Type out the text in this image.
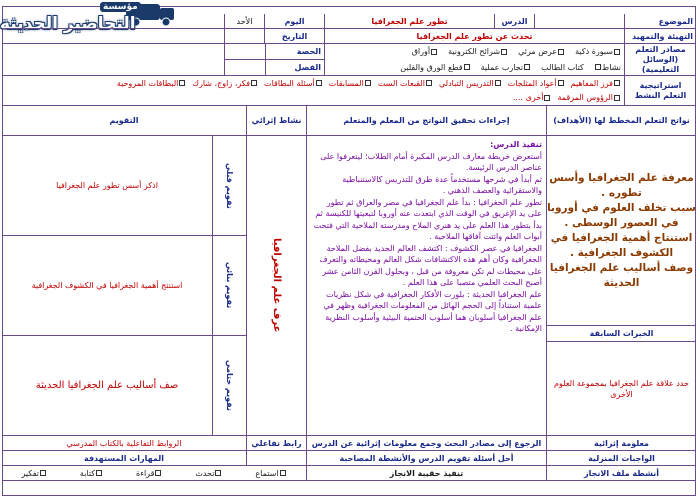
مؤسسة
التحاضير الحديثة	الموضوع
الدرس
تطور علم الجغرافيا
اليوم
الأحد
التهيئة والتمهيد
تحدث عن تطور علم الجغرافيا
التاريخ
مصادر التعلم (الوسائل التعليمية)
سبورة ذكية
عرض مرئي
شرائح الكترونية
أوراق
نشاط
كتاب الطالب
تجارب عملية
قطع الورق والقلين
الحصة
الفصل
استراتيجية التعلم النشط
فرز المفاهيم
أعواد المثلجات
التدريس التبادلي
القبعات الست
المسابقات
أسئلة البطاقات
فكر، زاوج، شارك
البطاقات المروحية
الرؤوس المرقمة
أخرى ....
نواتج التعلم المخطط لها (الأهداف)
إجراءات تحقيق النواتج من المعلم والمتعلم
نشاط إثرائي
التقويم
معرفة علم الجغرافيا وأسس
تطوره .
سبب تخلف العلوم في أوروبا
في العصور الوسطى .
استنتاج أهمية الجغرافيا في
الكشوف الجغرافية .
وصف أساليب علم الجغرافيا
الحديثة
الخبرات السابقة
حدد علاقة علم الجغرافيا بمجموعة العلوم الأخرى
تنفيذ الدرس:
أستعرض خريطة معارف الدرس المكبرة أمام الطلاب؛ ليتعرفوا على عناصر الدرس الرئيسة.
ثم أبدأ في شرحها مستخدماً عدة طرق للتدريس كالاستنباطية والاستقرائية والعصف الذهني .
تطور علم الجغرافيا : بدأ علم الجغرافيا في مصر والعراق ثم تطور على يد الإغريق في الوقت الذي ابتعدت عنه أوروبا لتبعيتها للكنيسة ثم بدأ بتطور هذا العلم على يد هنري الملاح ومدرسته الملاحية التي فتحت أبواب العلم واتتت آفاقها الملاحية .
الجغرافيا في عصر الكشوف : اكتشف العالم الجديد بفضل الملاحة الجغرافية وكان أهم هذه الاكتشافات شكل العالم ومحيطاته والتعرف على محيطات لم تكن معروفة من قبل ، وبحلول القرن الثامن عشر أصبح البحث العلمي متصبا على هذا العلم .
علم الجغرافيا الحديثة : بلورت الأفكار الجغرافية في شكل نظريات علمية استناداً إلى الحجم الهائل من المعلومات الجغرافية وظهر في علم الجغرافيا أسلوبان هما أسلوب الحتمية البيئية وأسلوب النظرية الإمكانية .
عرف علم الجغرافيا
تقويم قبلي
اذكر أسس تطور علم الجغرافيا
تقويم بنائي
استنتج أهمية الجغرافيا في الكشوف الجغرافية
تقويم ختامي
صف أساليب علم الجغرافيا الحديثة
معلومة إثرائية
الرجوع إلى مصادر البحث وجمع معلومات إثرائية عن الدرس
رابط تفاعلي
الروابط التفاعلية بالكتاب المدرسي
الواجبات المنزلية
أحل أسئلة تقويم الدرس والأنشطة المصاحبة
المهارات المستهدفة
أنشطة ملف الانجاز
تنفيذ حقيبة الانجاز
استماع
تحدث
قراءة
كتابة
تفكير
